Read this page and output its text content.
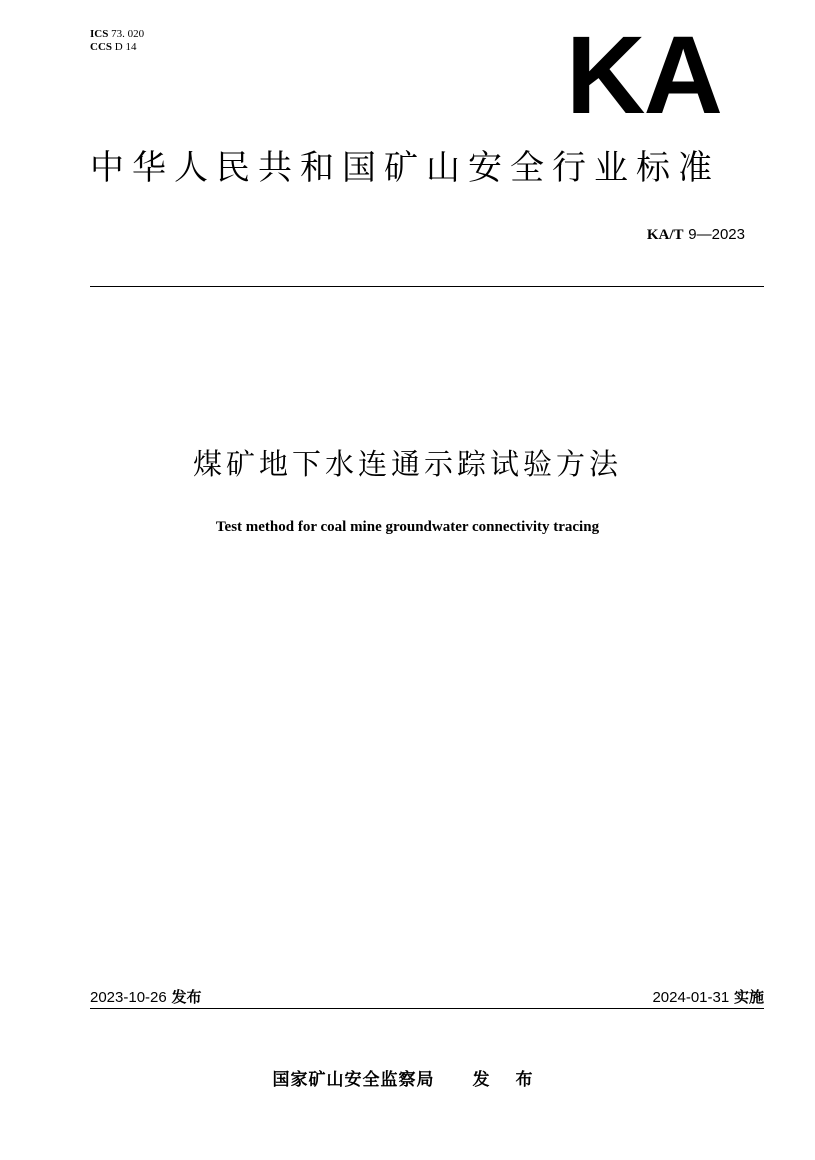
ICS 73. 020
CCS D 14	KA
中华人民共和国矿山安全行业标准
KA/T 9—2023
煤矿地下水连通示踪试验方法
Test method for coal mine groundwater connectivity tracing
2023-10-26 发布	2024-01-31 实施
国家矿山安全监察局 发 布
